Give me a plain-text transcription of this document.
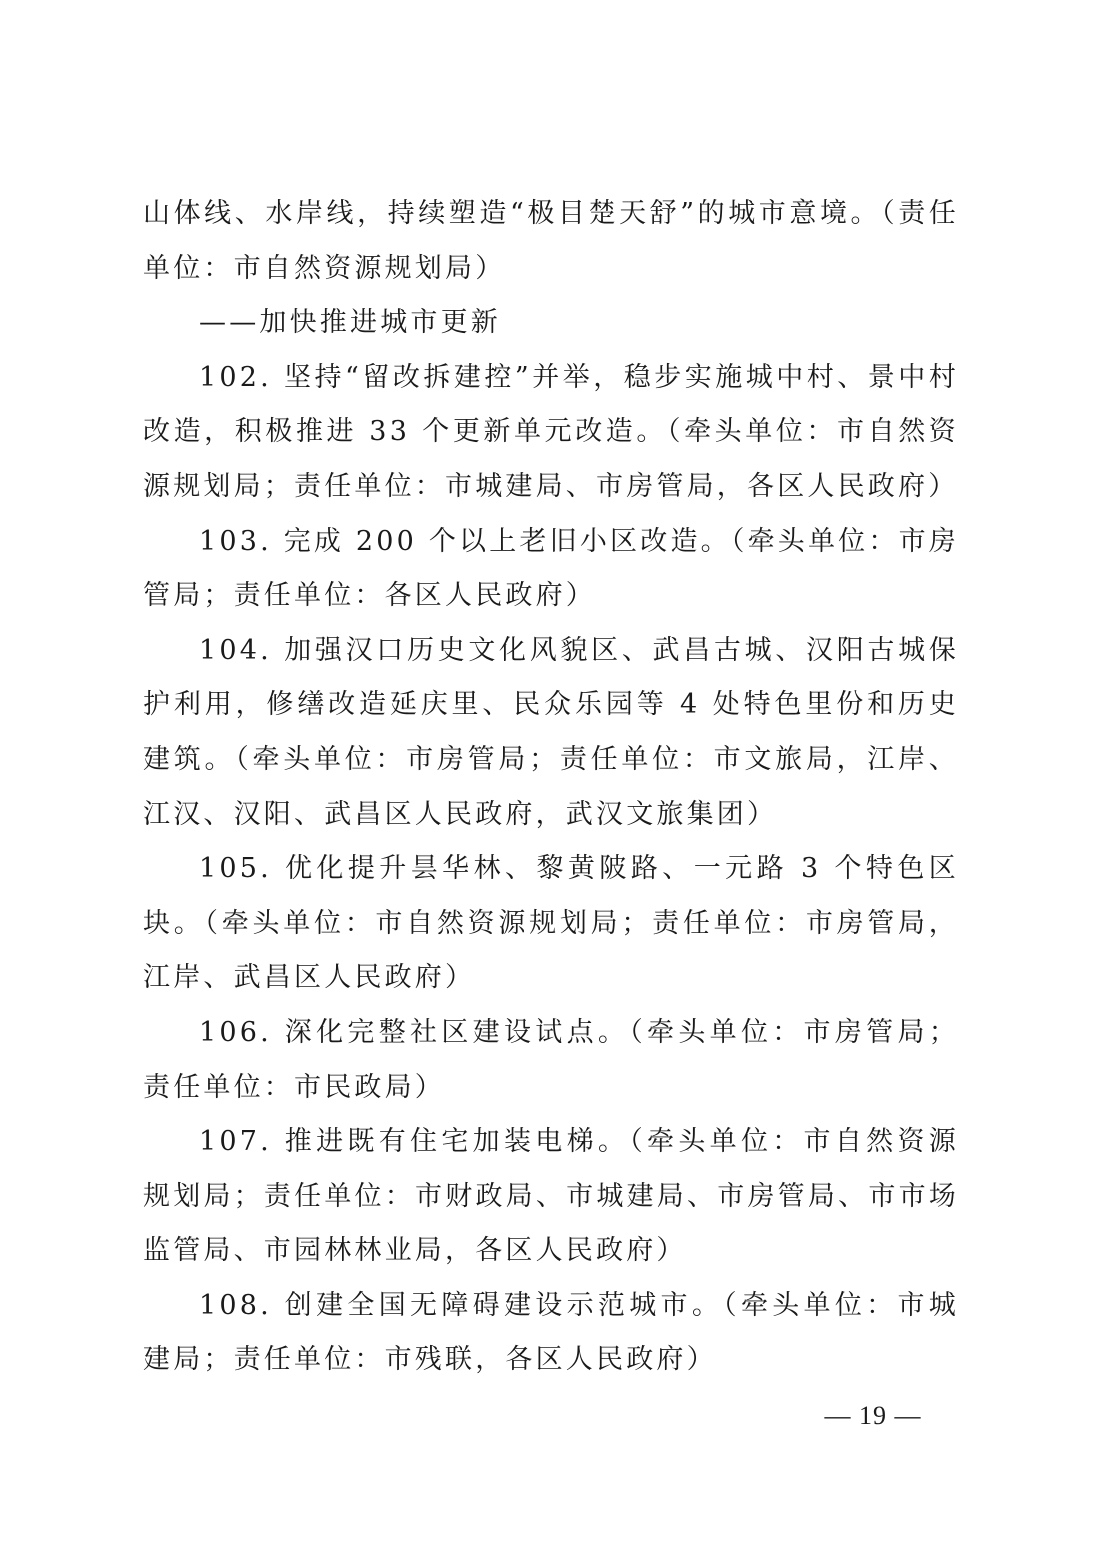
山体线、水岸线，持续塑造“极目楚天舒”的城市意境。（责任单位：市自然资源规划局）

——加快推进城市更新

102. 坚持“留改拆建控”并举，稳步实施城中村、景中村改造，积极推进 33 个更新单元改造。（牵头单位：市自然资源规划局；责任单位：市城建局、市房管局，各区人民政府）

103. 完成 200 个以上老旧小区改造。（牵头单位：市房管局；责任单位：各区人民政府）

104. 加强汉口历史文化风貌区、武昌古城、汉阳古城保护利用，修缮改造延庆里、民众乐园等 4 处特色里份和历史建筑。（牵头单位：市房管局；责任单位：市文旅局，江岸、江汉、汉阳、武昌区人民政府，武汉文旅集团）

105. 优化提升昙华林、黎黄陂路、一元路 3 个特色区块。（牵头单位：市自然资源规划局；责任单位：市房管局，江岸、武昌区人民政府）

106. 深化完整社区建设试点。（牵头单位：市房管局；责任单位：市民政局）

107. 推进既有住宅加装电梯。（牵头单位：市自然资源规划局；责任单位：市财政局、市城建局、市房管局、市市场监管局、市园林林业局，各区人民政府）

108. 创建全国无障碍建设示范城市。（牵头单位：市城建局；责任单位：市残联，各区人民政府）

— 19 —
